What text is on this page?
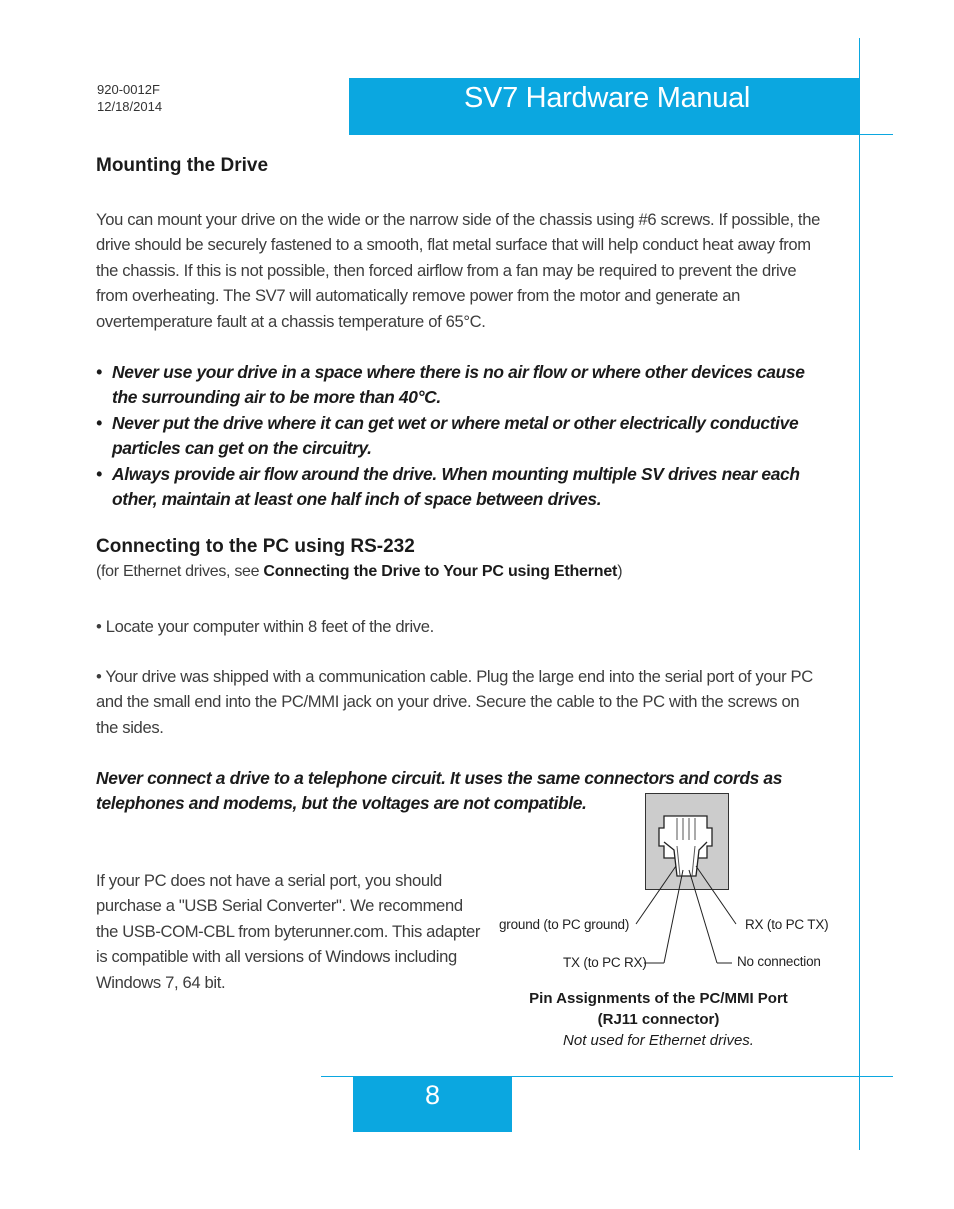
920-0012F
12/18/2014	SV7 Hardware Manual
Mounting the Drive

You can mount your drive on the wide or the narrow side of the chassis using #6 screws. If possible, the drive should be securely fastened to a smooth, flat metal surface that will help conduct heat away from the chassis. If this is not possible, then forced airflow from a fan may be required to prevent the drive from overheating. The SV7 will automatically remove power from the motor and generate an overtemperature fault at a chassis temperature of 65°C.

• Never use your drive in a space where there is no air flow or where other devices cause the surrounding air to be more than 40°C.
• Never put the drive where it can get wet or where metal or other electrically conductive particles can get on the circuitry.
• Always provide air flow around the drive. When mounting multiple SV drives near each other, maintain at least one half inch of space between drives.
Connecting to the PC using RS-232
(for Ethernet drives, see Connecting the Drive to Your PC using Ethernet)

• Locate your computer within 8 feet of the drive.

• Your drive was shipped with a communication cable. Plug the large end into the serial port of your PC and the small end into the PC/MMI jack on your drive. Secure the cable to the PC with the screws on the sides.

Never connect a drive to a telephone circuit. It uses the same connectors and cords as telephones and modems, but the voltages are not compatible.

If your PC does not have a serial port, you should purchase a "USB Serial Converter". We recommend the USB-COM-CBL from byterunner.com. This adapter is compatible with all versions of Windows including Windows 7, 64 bit.

ground (to PC ground)	RX (to PC TX)
TX (to PC RX)	No connection
Pin Assignments of the PC/MMI Port
(RJ11 connector)
Not used for Ethernet drives.
8
